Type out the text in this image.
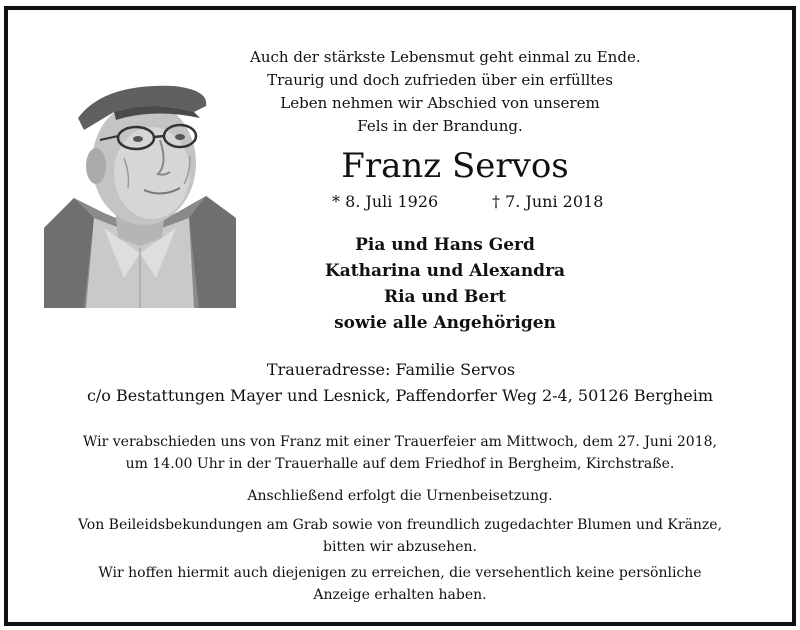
Auch der stärkste Lebensmut geht einmal zu Ende.
Traurig und doch zufrieden über ein erfülltes
Leben nehmen wir Abschied von unserem
Fels in der Brandung.
Franz Servos
* 8. Juli 1926	† 7. Juni 2018
Pia und Hans Gerd
Katharina und Alexandra
Ria und Bert
sowie alle Angehörigen
Traueradresse: Familie Servos
c/o Bestattungen Mayer und Lesnick, Paffendorfer Weg 2-4, 50126 Bergheim
Wir verabschieden uns von Franz mit einer Trauerfeier am Mittwoch, dem 27. Juni 2018,
um 14.00 Uhr in der Trauerhalle auf dem Friedhof in Bergheim, Kirchstraße.
Anschließend erfolgt die Urnenbeisetzung.
Von Beileidsbekundungen am Grab sowie von freundlich zugedachter Blumen und Kränze,
bitten wir abzusehen.
Wir hoffen hiermit auch diejenigen zu erreichen, die versehentlich keine persönliche
Anzeige erhalten haben.
